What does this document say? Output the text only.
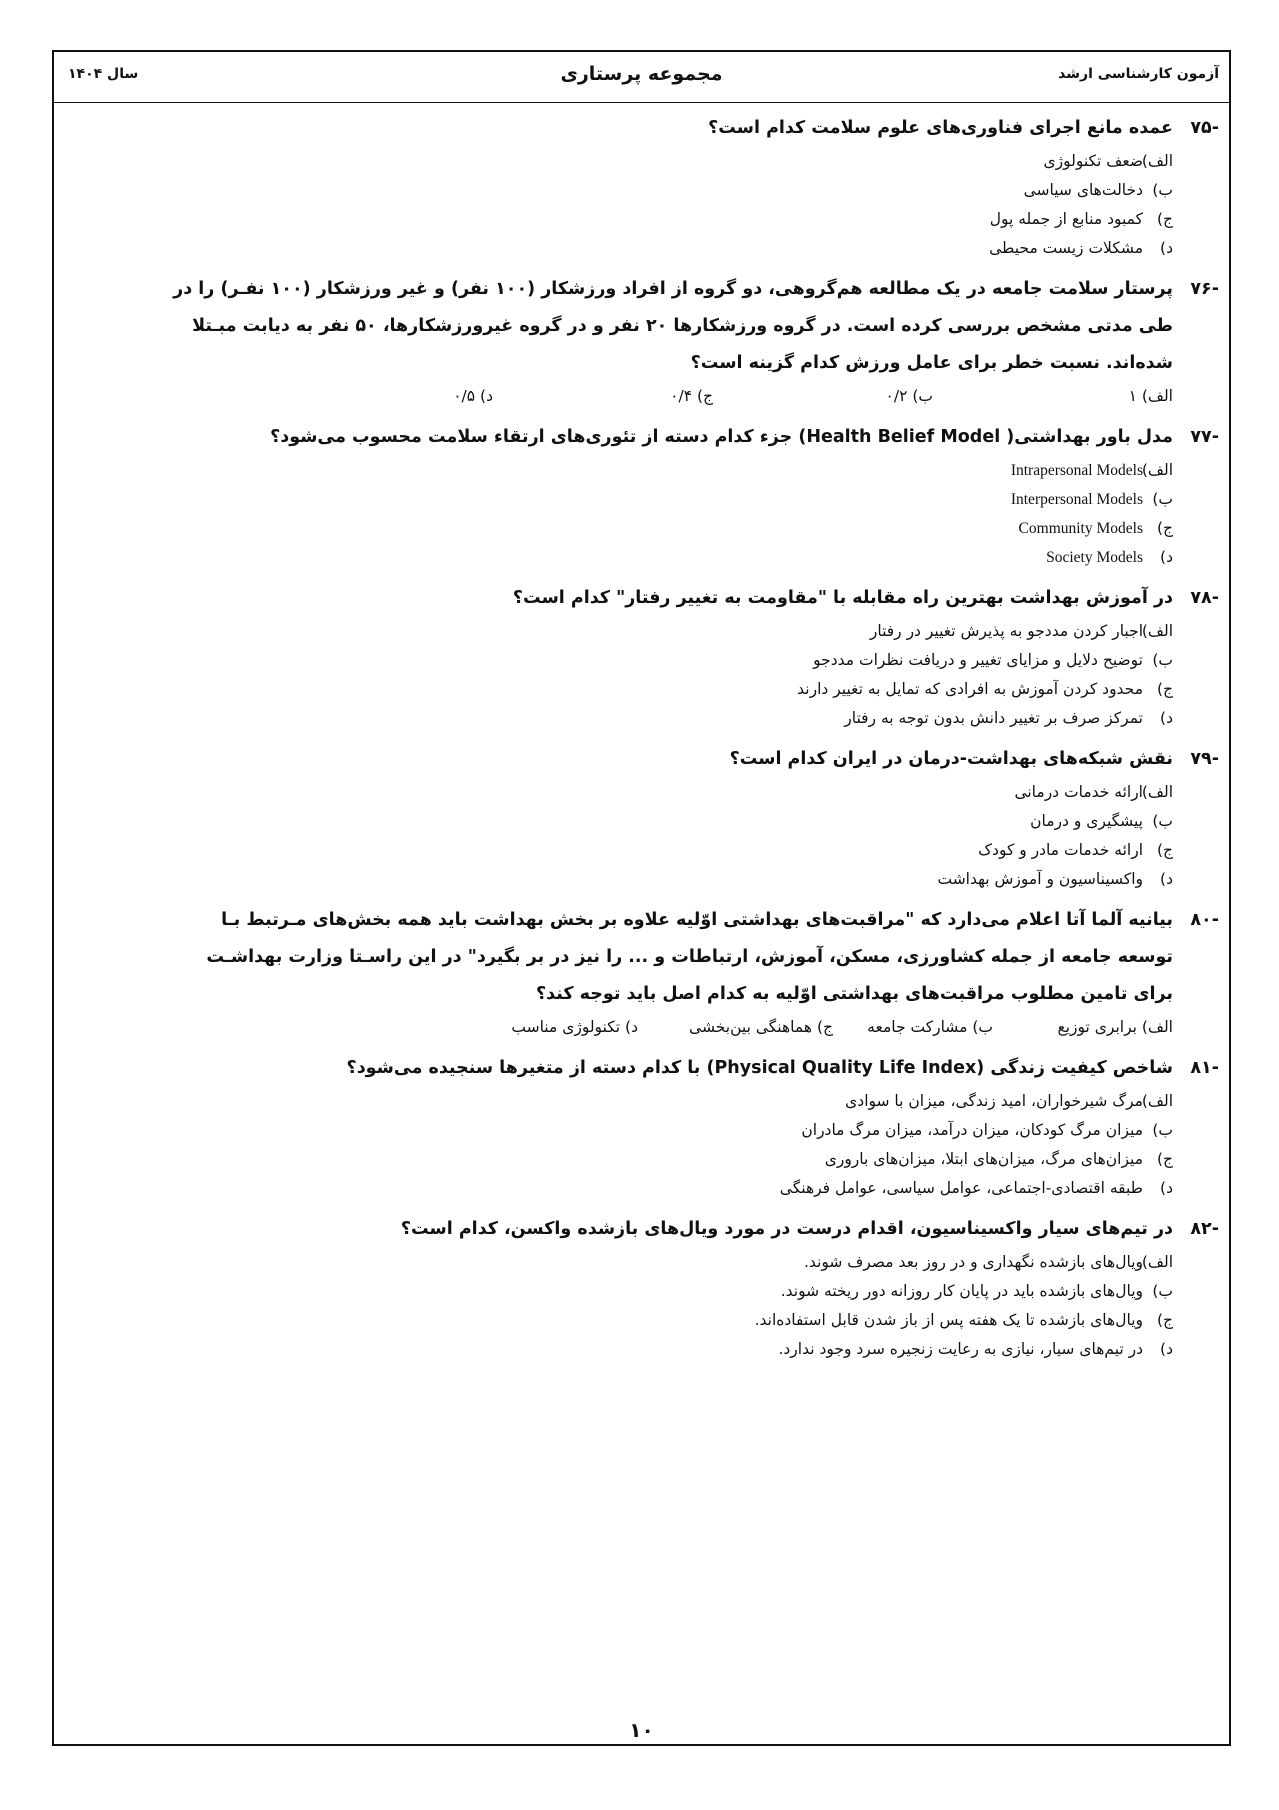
آزمون کارشناسی ارشد
مجموعه پرستاری
سال ۱۴۰۴
-۷۵
عمده مانع اجرای فناوری‌های علوم سلامت کدام است؟
الف)
ضعف تکنولوژی
ب)
دخالت‌های سیاسی
ج)
کمبود منابع از جمله پول
د)
مشکلات زیست محیطی
-۷۶
پرستار سلامت جامعه در یک مطالعه هم‌گروهی، دو گروه از افراد ورزشکار (۱۰۰ نفر) و غیر ورزشکار (۱۰۰ نفـر) را در
طی مدتی مشخص بررسی کرده است. در گروه ورزشکارها ۲۰ نفر و در گروه غیرورزشکارها، ۵۰ نفر به دیابت مبـتلا
شده‌اند. نسبت خطر برای عامل ورزش کدام گزینه است؟
الف) ۱
ب) ۰/۲
ج) ۰/۴
د) ۰/۵
-۷۷
مدل باور بهداشتی( Health Belief Model) جزء کدام دسته از تئوری‌های ارتقاء سلامت محسوب می‌شود؟
الف)
Intrapersonal Models
ب)
Interpersonal Models
ج)
Community Models
د)
Society Models
-۷۸
در آموزش بهداشت بهترین راه مقابله با "مقاومت به تغییر رفتار" کدام است؟
الف)
اجبار کردن مددجو به پذیرش تغییر در رفتار
ب)
توضیح دلایل و مزایای تغییر و دریافت نظرات مددجو
ج)
محدود کردن آموزش به افرادی که تمایل به تغییر دارند
د)
تمرکز صرف بر تغییر دانش بدون توجه به رفتار
-۷۹
نقش شبکه‌های بهداشت-درمان در ایران کدام است؟
الف)
ارائه خدمات درمانی
ب)
پیشگیری و درمان
ج)
ارائه خدمات مادر و کودک
د)
واکسیناسیون و آموزش بهداشت
-۸۰
بیانیه آلما آتا اعلام می‌دارد که "مراقبت‌های بهداشتی اوّلیه علاوه بر بخش بهداشت باید همه بخش‌های مـرتبط بـا
توسعه جامعه از جمله کشاورزی، مسکن، آموزش، ارتباطات و ... را نیز در بر بگیرد" در این راسـتا وزارت بهداشـت
برای تامین مطلوب مراقبت‌های بهداشتی اوّلیه به کدام اصل باید توجه کند؟
الف) برابری توزیع
ب) مشارکت جامعه
ج) هماهنگی بین‌بخشی
د) تکنولوژی مناسب
-۸۱
شاخص کیفیت زندگی (Physical Quality Life Index) با کدام دسته از متغیرها سنجیده می‌شود؟
الف)
مرگ شیرخواران، امید زندگی، میزان با سوادی
ب)
میزان مرگ کودکان، میزان درآمد، میزان مرگ مادران
ج)
میزان‌های مرگ، میزان‌های ابتلا، میزان‌های باروری
د)
طبقه اقتصادی-اجتماعی، عوامل سیاسی، عوامل فرهنگی
-۸۲
در تیم‌های سیار واکسیناسیون، اقدام درست در مورد ویال‌های بازشده واکسن، کدام است؟
الف)
ویال‌های بازشده نگهداری و در روز بعد مصرف شوند.
ب)
ویال‌های بازشده باید در پایان کار روزانه دور ریخته شوند.
ج)
ویال‌های بازشده تا یک هفته پس از باز شدن قابل استفاده‌اند.
د)
در تیم‌های سیار، نیازی به رعایت زنجیره سرد وجود ندارد.
۱۰
